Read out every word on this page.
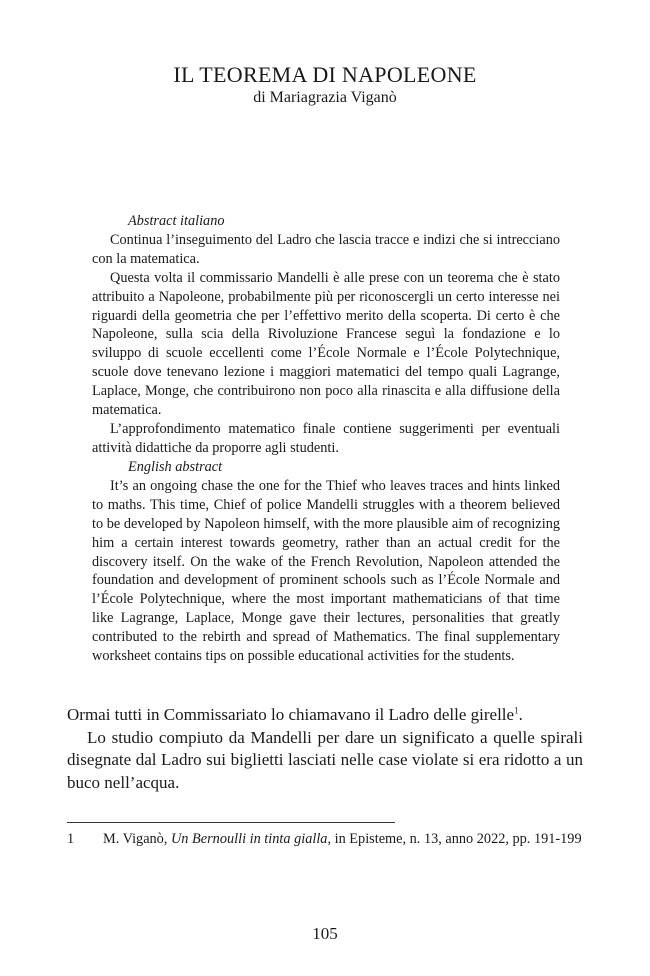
IL TEOREMA DI NAPOLEONE
di Mariagrazia Viganò

Abstract italiano

Continua l’inseguimento del Ladro che lascia tracce e indizi che si intrecciano con la matematica.

Questa volta il commissario Mandelli è alle prese con un teorema che è stato attribuito a Napoleone, probabilmente più per riconoscergli un certo interesse nei riguardi della geometria che per l’effettivo merito della scoperta. Di certo è che Napoleone, sulla scia della Rivoluzione Francese seguì la fondazione e lo sviluppo di scuole eccellenti come l’École Normale e l’École Polytechnique, scuole dove tenevano lezione i maggiori matematici del tempo quali Lagrange, Laplace, Monge, che contribuirono non poco alla rinascita e alla diffusione della matematica.

L’approfondimento matematico finale contiene suggerimenti per eventuali attività didattiche da proporre agli studenti.

English abstract

It’s an ongoing chase the one for the Thief who leaves traces and hints linked to maths. This time, Chief of police Mandelli struggles with a theorem believed to be developed by Napoleon himself, with the more plausible aim of recognizing him a certain interest towards geometry, rather than an actual credit for the discovery itself. On the wake of the French Revolution, Napoleon attended the foundation and development of prominent schools such as l’École Normale and l’École Polytechnique, where the most important mathematicians of that time like Lagrange, Laplace, Monge gave their lectures, personalities that greatly contributed to the rebirth and spread of Mathematics. The final supplementary worksheet contains tips on possible educational activities for the students.

Ormai tutti in Commissariato lo chiamavano il Ladro delle girelle$^1$.

Lo studio compiuto da Mandelli per dare un significato a quelle spirali disegnate dal Ladro sui biglietti lasciati nelle case violate si era ridotto a un buco nell’acqua.

1	M. Viganò, Un Bernoulli in tinta gialla, in Episteme, n. 13, anno 2022, pp. 191-199
105
